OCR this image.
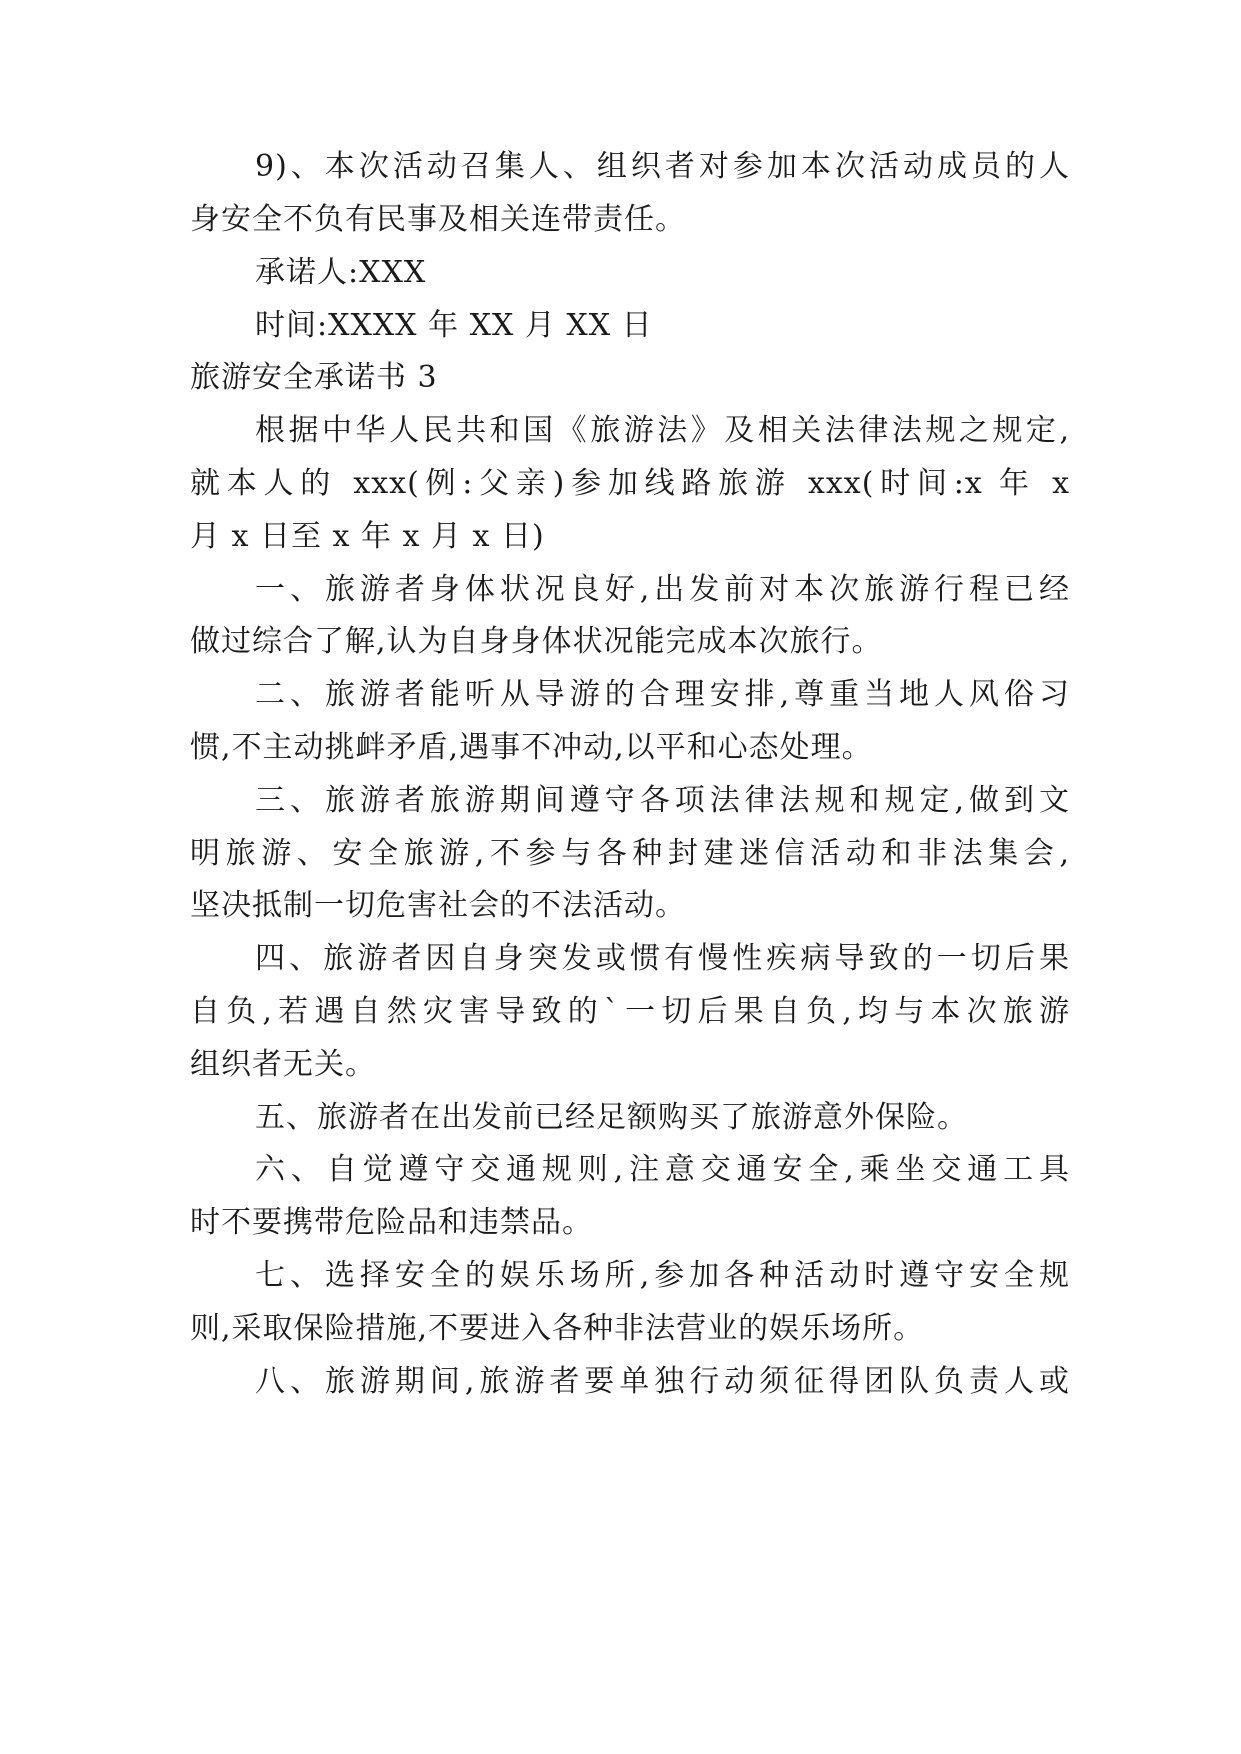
9)、本次活动召集人、组织者对参加本次活动成员的人
身安全不负有民事及相关连带责任。
承诺人:XXX
时间:XXXX 年 XX 月 XX 日
旅游安全承诺书 3
根据中华人民共和国《旅游法》及相关法律法规之规定,
就本人的 xxx(例:父亲)参加线路旅游 xxx(时间:x 年 x
月 x 日至 x 年 x 月 x 日)
一、旅游者身体状况良好,出发前对本次旅游行程已经
做过综合了解,认为自身身体状况能完成本次旅行。
二、旅游者能听从导游的合理安排,尊重当地人风俗习
惯,不主动挑衅矛盾,遇事不冲动,以平和心态处理。
三、旅游者旅游期间遵守各项法律法规和规定,做到文
明旅游、安全旅游,不参与各种封建迷信活动和非法集会,
坚决抵制一切危害社会的不法活动。
四、旅游者因自身突发或惯有慢性疾病导致的一切后果
自负,若遇自然灾害导致的`一切后果自负,均与本次旅游
组织者无关。
五、旅游者在出发前已经足额购买了旅游意外保险。
六、自觉遵守交通规则,注意交通安全,乘坐交通工具
时不要携带危险品和违禁品。
七、选择安全的娱乐场所,参加各种活动时遵守安全规
则,采取保险措施,不要进入各种非法营业的娱乐场所。
八、旅游期间,旅游者要单独行动须征得团队负责人或
